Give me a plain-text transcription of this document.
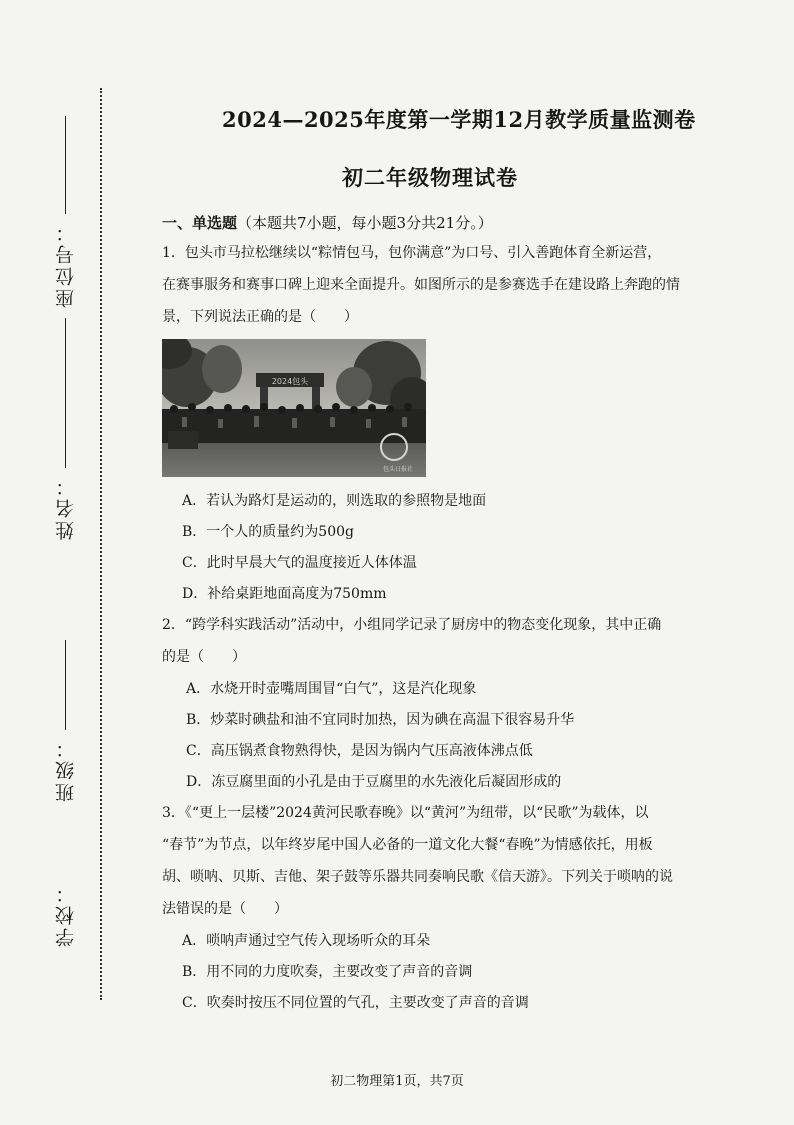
座位号：
姓名：
班级：
学校：
2024—2025年度第一学期12月教学质量监测卷
初二年级物理试卷
一、单选题（本题共7小题，每小题3分共21分。）
1．包头市马拉松继续以“粽情包马，包你满意”为口号、引入善跑体育全新运营，
在赛事服务和赛事口碑上迎来全面提升。如图所示的是参赛选手在建设路上奔跑的情
景，下列说法正确的是（　　）
2024包头
包头日报社
A．若认为路灯是运动的，则选取的参照物是地面
B．一个人的质量约为500g
C．此时早晨大气的温度接近人体体温
D．补给桌距地面高度为750mm
2．“跨学科实践活动”活动中，小组同学记录了厨房中的物态变化现象，其中正确
的是（　　）
A．水烧开时壶嘴周围冒“白气”，这是汽化现象
B．炒菜时碘盐和油不宜同时加热，因为碘在高温下很容易升华
C．高压锅煮食物熟得快，是因为锅内气压高液体沸点低
D．冻豆腐里面的小孔是由于豆腐里的水先液化后凝固形成的
3．《“更上一层楼”2024黄河民歌春晚》以“黄河”为纽带，以“民歌”为载体，以
“春节”为节点，以年终岁尾中国人必备的一道文化大餐“春晚”为情感依托，用板
胡、唢呐、贝斯、吉他、架子鼓等乐器共同奏响民歌《信天游》。下列关于唢呐的说
法错误的是（　　）
A．唢呐声通过空气传入现场听众的耳朵
B．用不同的力度吹奏，主要改变了声音的音调
C．吹奏时按压不同位置的气孔，主要改变了声音的音调
初二物理第1页，共7页
